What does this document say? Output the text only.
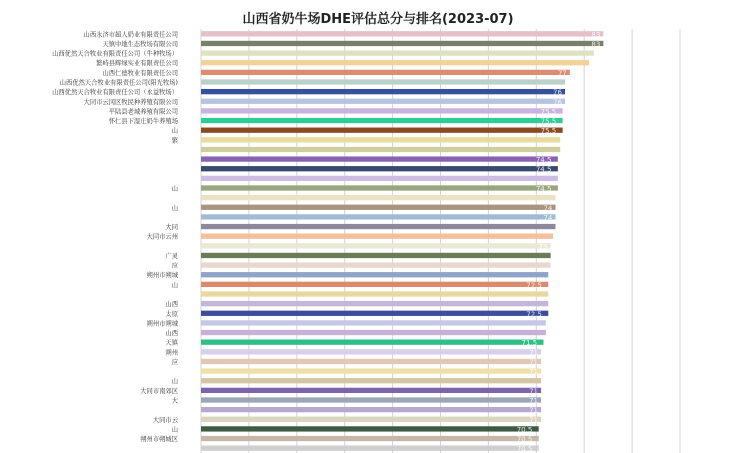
山西省奶牛场DHE评估总分与排名(2023-07)
83
83
77
76
76
75.5
75.5
75.5
74.5
74.5
74.5
74
74
73
72.5
72.5
71.5
71
71
71
71
71
71
71
70.5
70.5
70.5
山西永济市超人奶业有限责任公司
天镇中地生态牧场有限公司
山西优然天合牧业有限责任公司（牛种牧场）
繁峙县辉绿实业有限责任公司
山西仁德牧业有限责任公司
山西优然天合牧业有限责任公司(阳光牧场)
山西优然天合牧业有限责任公司（永益牧场）
大同市云冈区牧民种养殖有限公司
平陆县老城养殖有限公司
怀仁县下湿庄奶牛养殖场
山
繁
山
山
大同
大同市云州
广灵
应
朔州市朔城
山
山西
太原
朔州市朔城
山西
天镇
朔州
应
山
大同市南郊区
大
大同市云
山
朔州市朔城区
